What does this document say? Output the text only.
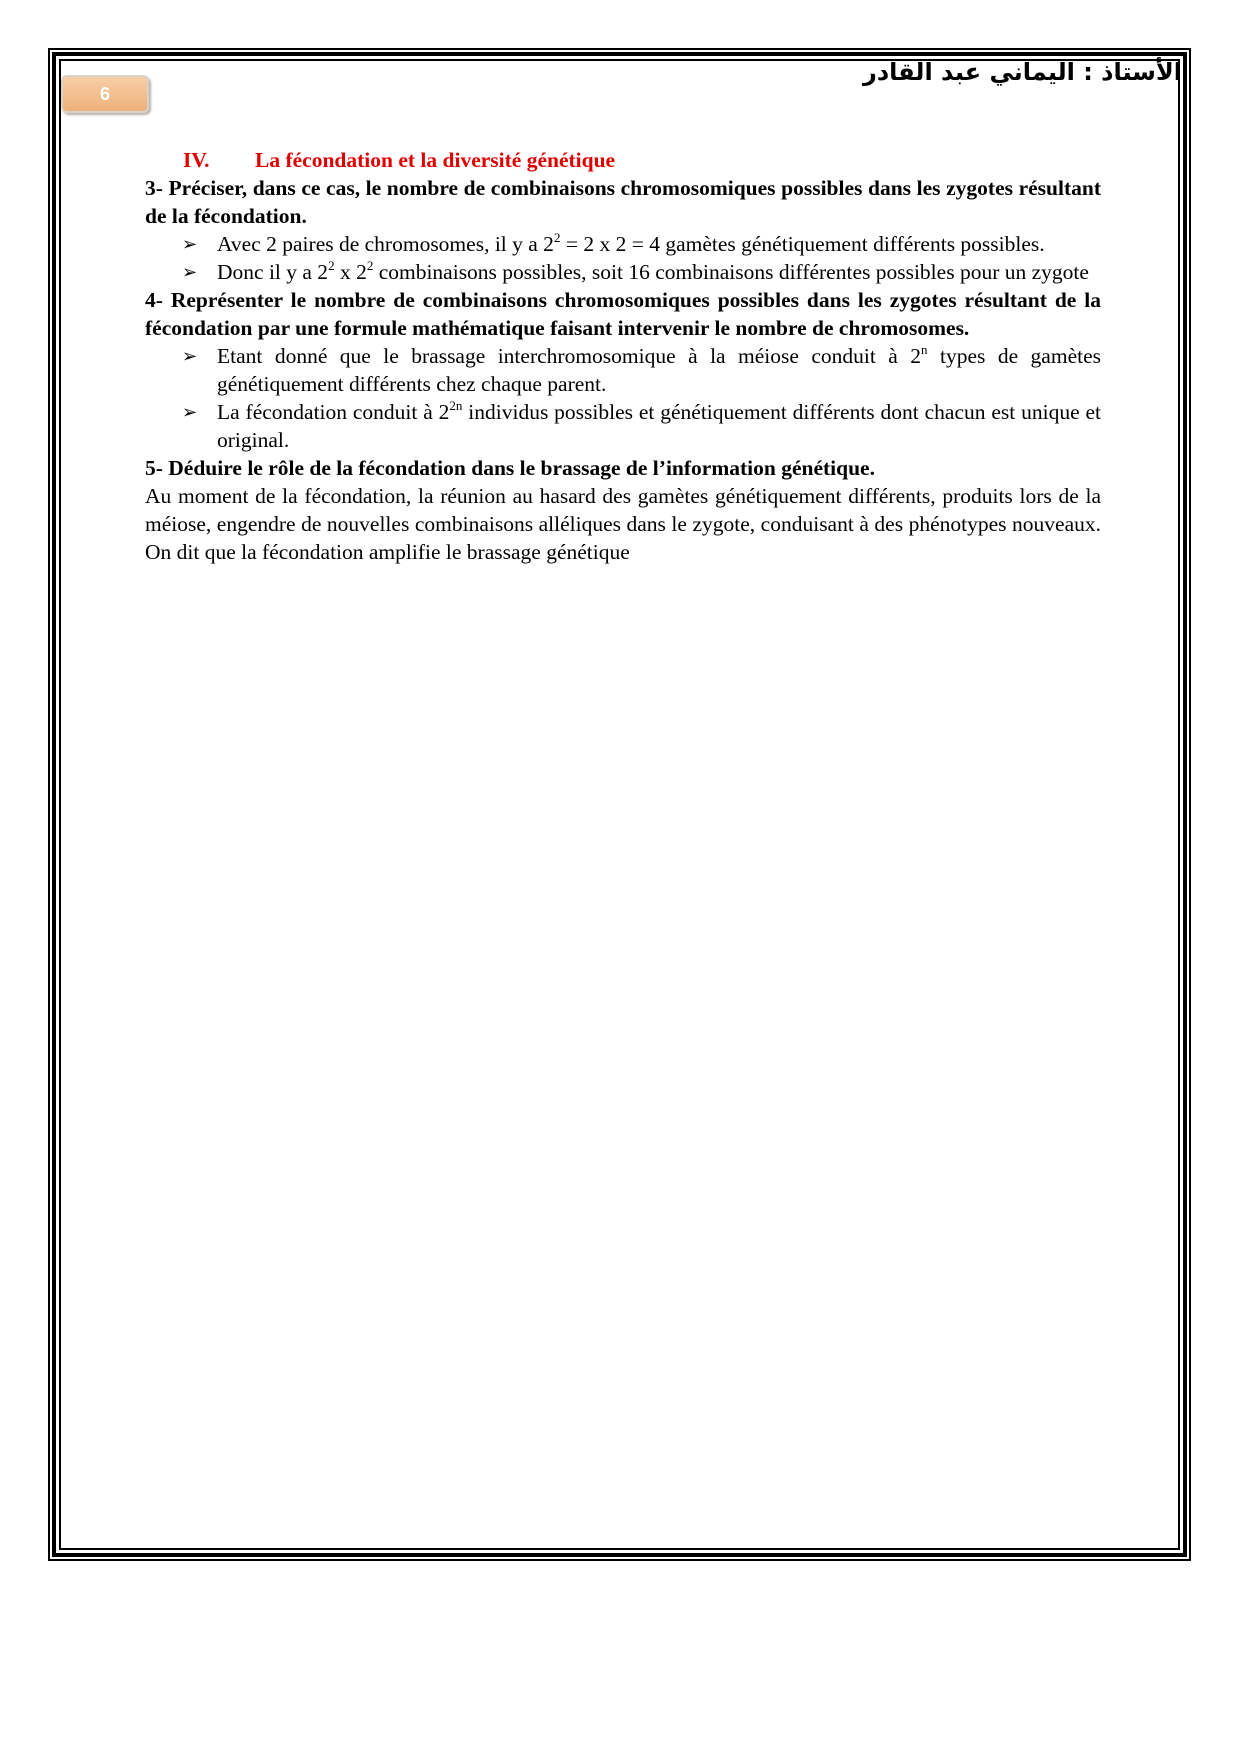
6
الأستاذ : اليماني عبد القادر

IV. La fécondation et la diversité génétique

3- Préciser, dans ce cas, le nombre de combinaisons chromosomiques possibles dans les zygotes résultant de la fécondation.

➢ Avec 2 paires de chromosomes, il y a $2^2 = 2$ x 2 = 4 gamètes génétiquement différents possibles.
➢ Donc il y a $2^2$ x $2^2$ combinaisons possibles, soit 16 combinaisons différentes possibles pour un zygote

4- Représenter le nombre de combinaisons chromosomiques possibles dans les zygotes résultant de la fécondation par une formule mathématique faisant intervenir le nombre de chromosomes.

➢ Etant donné que le brassage interchromosomique à la méiose conduit à 2$^n$ types de gamètes génétiquement différents chez chaque parent.
➢ La fécondation conduit à $2^{2n}$ individus possibles et génétiquement différents dont chacun est unique et original.

5- Déduire le rôle de la fécondation dans le brassage de l’information génétique.

Au moment de la fécondation, la réunion au hasard des gamètes génétiquement différents, produits lors de la méiose, engendre de nouvelles combinaisons alléliques dans le zygote, conduisant à des phénotypes nouveaux. On dit que la fécondation amplifie le brassage génétique
